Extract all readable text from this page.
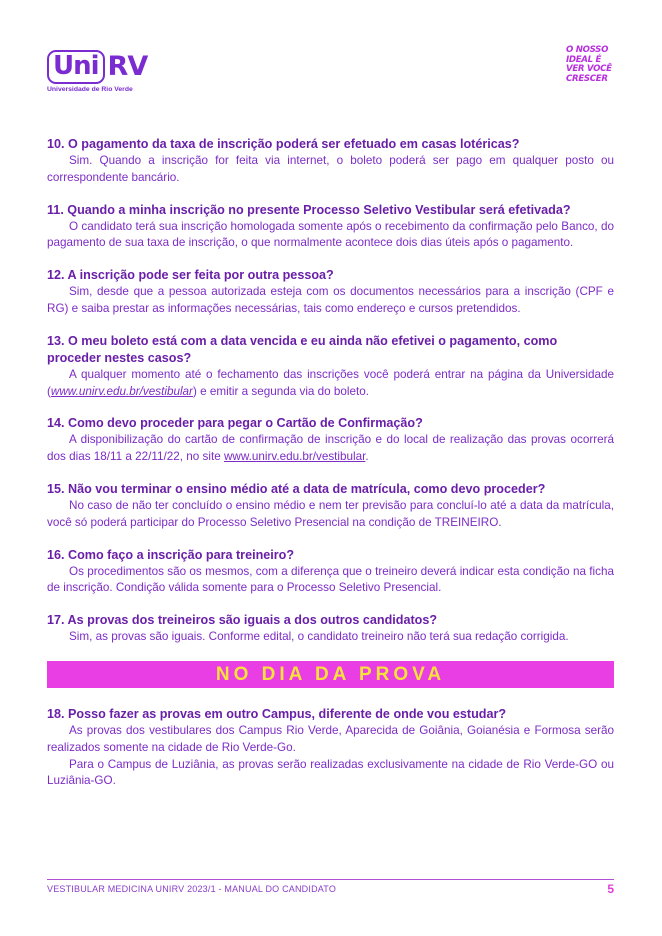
Uni RV
Universidade de Rio Verde
O NOSSO
IDEAL É
VER VOCÊ
CRESCER
10. O pagamento da taxa de inscrição poderá ser efetuado em casas lotéricas?
Sim. Quando a inscrição for feita via internet, o boleto poderá ser pago em qualquer posto ou correspondente bancário.
11. Quando a minha inscrição no presente Processo Seletivo Vestibular será efetivada?
O candidato terá sua inscrição homologada somente após o recebimento da confirmação pelo Banco, do pagamento de sua taxa de inscrição, o que normalmente acontece dois dias úteis após o pagamento.
12. A inscrição pode ser feita por outra pessoa?
Sim, desde que a pessoa autorizada esteja com os documentos necessários para a inscrição (CPF e RG) e saiba prestar as informações necessárias, tais como endereço e cursos pretendidos.
13. O meu boleto está com a data vencida e eu ainda não efetivei o pagamento, como proceder nestes casos?
A qualquer momento até o fechamento das inscrições você poderá entrar na página da Universidade (www.unirv.edu.br/vestibular) e emitir a segunda via do boleto.
14. Como devo proceder para pegar o Cartão de Confirmação?
A disponibilização do cartão de confirmação de inscrição e do local de realização das provas ocorrerá dos dias 18/11 a 22/11/22, no site www.unirv.edu.br/vestibular.
15. Não vou terminar o ensino médio até a data de matrícula, como devo proceder?
No caso de não ter concluído o ensino médio e nem ter previsão para concluí-lo até a data da matrícula, você só poderá participar do Processo Seletivo Presencial na condição de TREINEIRO.
16. Como faço a inscrição para treineiro?
Os procedimentos são os mesmos, com a diferença que o treineiro deverá indicar esta condição na ficha de inscrição. Condição válida somente para o Processo Seletivo Presencial.
17. As provas dos treineiros são iguais a dos outros candidatos?
Sim, as provas são iguais. Conforme edital, o candidato treineiro não terá sua redação corrigida.
NO DIA DA PROVA
18. Posso fazer as provas em outro Campus, diferente de onde vou estudar?
As provas dos vestibulares dos Campus Rio Verde, Aparecida de Goiânia, Goianésia e Formosa serão realizados somente na cidade de Rio Verde-Go.
Para o Campus de Luziânia, as provas serão realizadas exclusivamente na cidade de Rio Verde-GO ou Luziânia-GO.
VESTIBULAR MEDICINA UNIRV 2023/1 - MANUAL DO CANDIDATO	5
